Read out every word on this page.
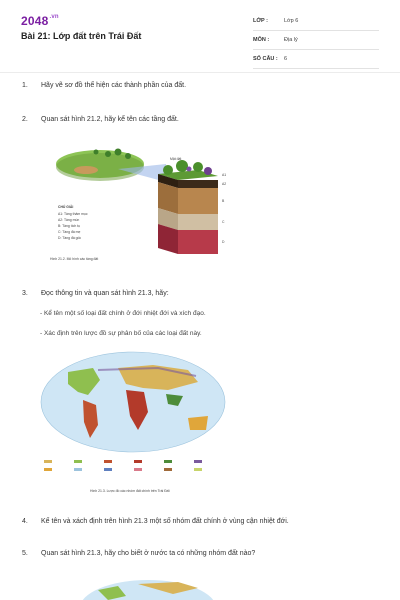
$2048^{.vn}$
Bài 21: Lớp đất trên Trái Đất
LỚP :	Lớp 6
MÔN :	Địa lý
SỐ CÂU : 6
1. Hãy vẽ sơ đồ thể hiện các thành phần của đất.
2. Quan sát hình 21.2, hãy kể tên các tầng đất.
Mặt đất
A1
A2
B
C
D
CHÚ GIẢI
A1: Tầng thảm mục
A2: Tầng mùn
B: Tầng tích tụ
C: Tầng đá mẹ
D: Tầng đá gốc
Hình 21.2. Mô hình các tầng đất
3. Đọc thông tin và quan sát hình 21.3, hãy:
- Kể tên một số loại đất chính ở đới nhiệt đới và xích đạo.
- Xác định trên lược đồ sự phân bố của các loại đất này.
Hình 21.3. Lược đồ các nhóm đất chính trên Trái Đất
4. Kể tên và xách định trên hình 21.3 một số nhóm đất chính ở vùng cận nhiệt đới.
5. Quan sát hình 21.3, hãy cho biết ở nước ta có những nhóm đất nào?
